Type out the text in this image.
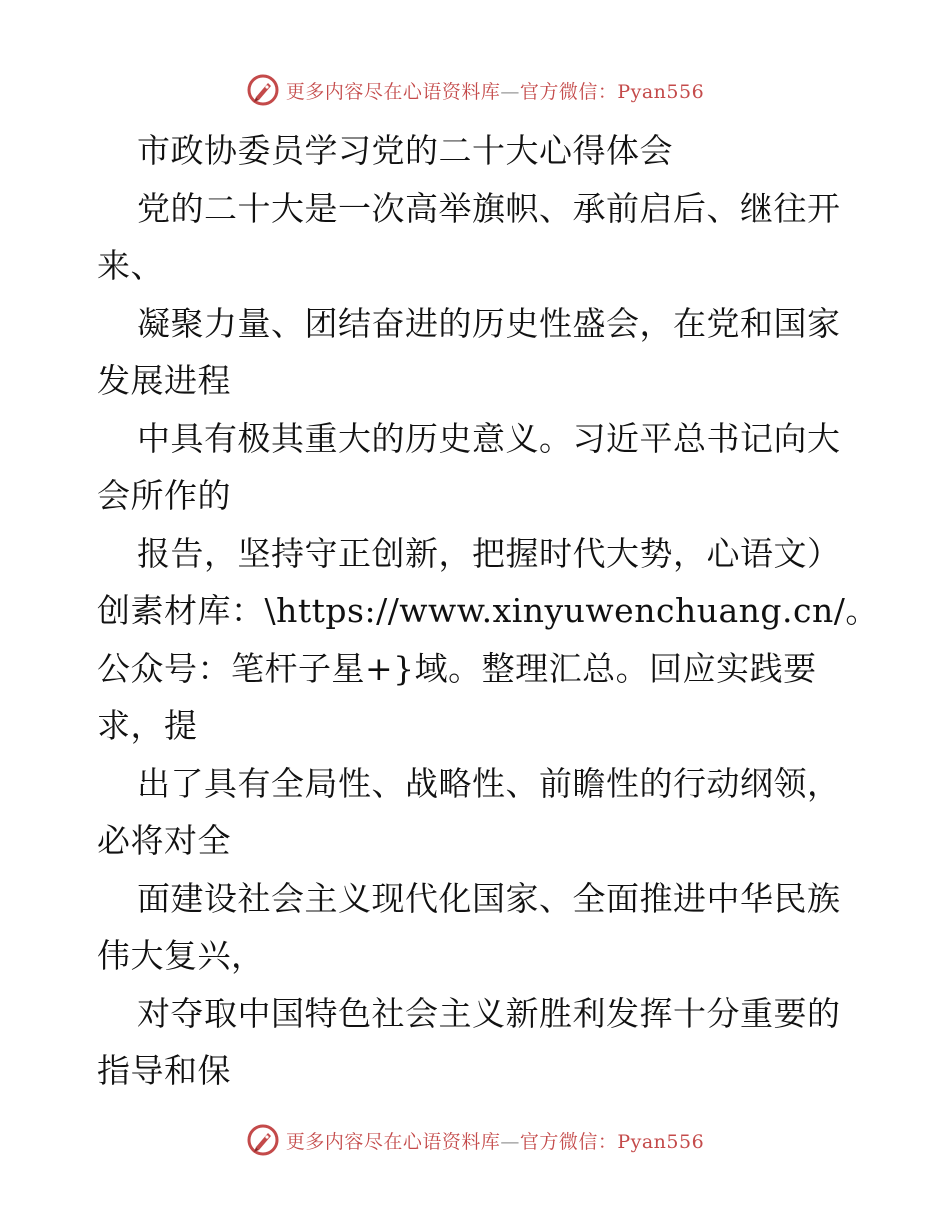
更多内容尽在心语资料库—官方微信：Pyan556
市政协委员学习党的二十大心得体会
党的二十大是一次高举旗帜、承前启后、继往开
来、
凝聚力量、团结奋进的历史性盛会，在党和国家
发展进程
中具有极其重大的历史意义。习近平总书记向大
会所作的
报告，坚持守正创新，把握时代大势，心语文）
创素材库：\https://www.xinyuwenchuang.cn/。
公众号：笔杆子星+}域。整理汇总。回应实践要
求，提
出了具有全局性、战略性、前瞻性的行动纲领，
必将对全
面建设社会主义现代化国家、全面推进中华民族
伟大复兴，
对夺取中国特色社会主义新胜利发挥十分重要的
指导和保
更多内容尽在心语资料库—官方微信：Pyan556
